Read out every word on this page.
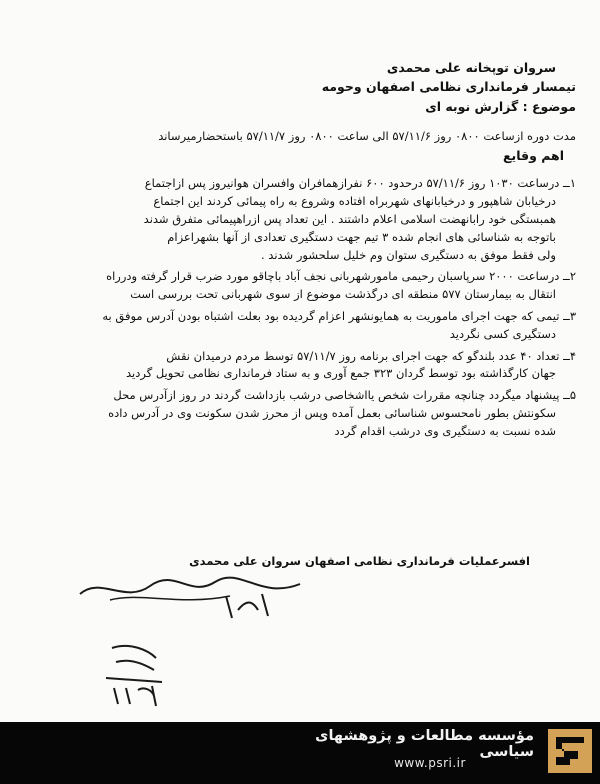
سروان توپخانه علی محمدی
تیمسار فرمانداری نظامی اصفهان وحومه
موضوع : گزارش نوبه ای
مدت دوره ازساعت ۰۸۰۰ روز ۵۷/۱۱/۶ الی ساعت ۰۸۰۰ روز ۵۷/۱۱/۷ باستحضارمیرساند
اهم وقایع
۱ــ درساعت ۱۰۳۰ روز ۵۷/۱۱/۶ درحدود ۶۰۰ نفرازهمافران وافسران هوانیروز پس ازاجتماع
درخیابان شاهپور و درخیابانهای شهربراه افتاده وشروع به راه پیمائی کردند این اجتماع
همبستگی خود رابانهضت اسلامی اعلام داشتند . این تعداد پس ازراهپیمائی متفرق شدند
باتوجه به شناسائی های انجام شده ۳ تیم جهت دستگیری تعدادی از آنها بشهراعزام
ولی فقط موفق به دستگیری ستوان وم خلیل سلحشور شدند .
۲ــ درساعت ۲۰۰۰ سرپاسبان رحیمی مامورشهربانی نجف آباد باچاقو مورد ضرب قرار گرفته ودرراه
انتقال به بیمارستان ۵۷۷ منطقه ای درگذشت موضوع از سوی شهربانی تحت بررسی است
۳ــ تیمی که جهت اجرای ماموریت به همایونشهر اعزام گردیده بود بعلت اشتباه بودن آدرس موفق به
دستگیری کسی نگردید
۴ــ تعداد ۴۰ عدد بلندگو که جهت اجرای برنامه روز ۵۷/۱۱/۷ توسط مردم درمیدان نقش
جهان کارگذاشته بود توسط گردان ۳۲۳ جمع آوری و به ستاد فرمانداری نظامی تحویل گردید
۵ــ پیشنهاد میگردد چنانچه مقررات شخص یااشخاصی درشب بازداشت گردند در روز ازآدرس محل
سکونتش بطور نامحسوس شناسائی بعمل آمده وپس از محرز شدن سکونت وی در آدرس داده
شده نسبت به دستگیری وی درشب اقدام گردد
افسرعملیات فرمانداری نظامی اصفهان سروان علی محمدی
مؤسسه مطالعات و پژوهشهای سیاسی
www.psri.ir
